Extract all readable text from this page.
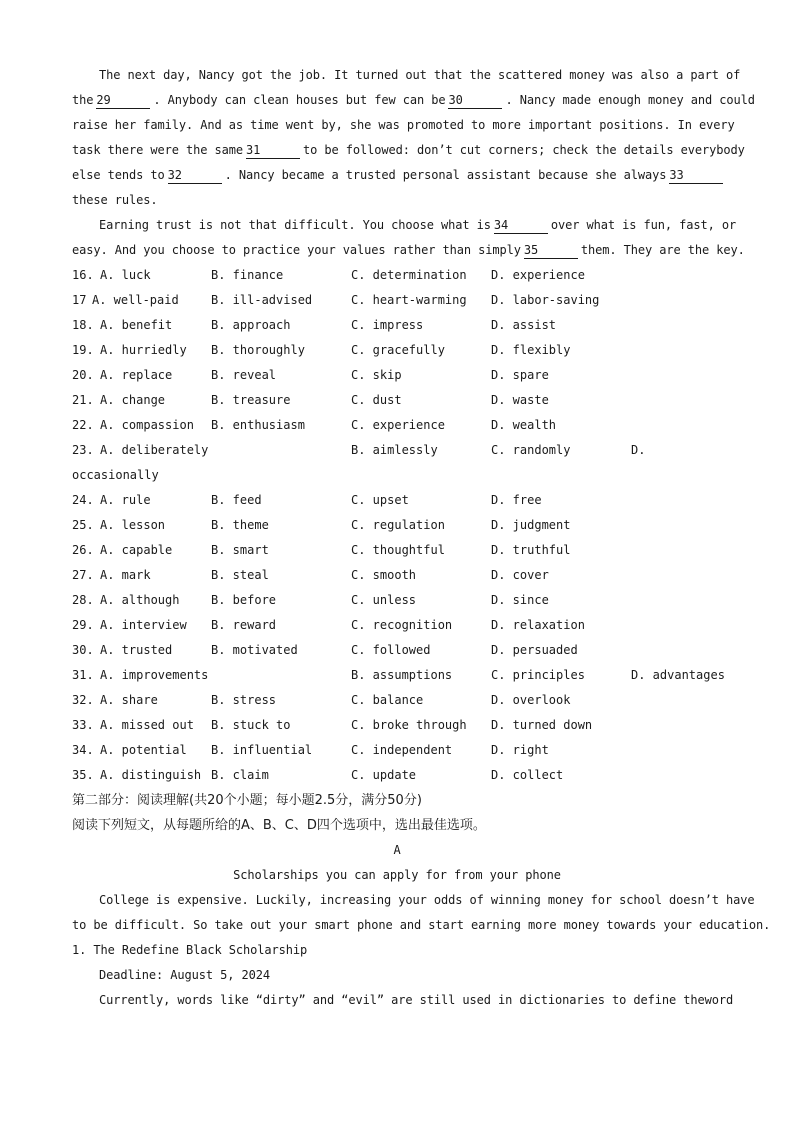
The next day, Nancy got the job. It turned out that the scattered money was also a part of
the 29	. Anybody can clean houses but few can be 30	. Nancy made enough money and could
raise her family. And as time went by, she was promoted to more important positions. In every
task there were the same 31	to be followed: don’t cut corners; check the details everybody
else tends to 32	. Nancy became a trusted personal assistant because she always 33
these rules.
Earning trust is not that difficult. You choose what is 34	over what is fun, fast, or
easy. And you choose to practice your values rather than simply 35	them. They are the key.
16. A. luck	B. finance	C. determination D. experience
17 A. well-paid	B. ill-advised	C. heart-warming D. labor-saving
18. A. benefit	B. approach	C. impress	D. assist
19. A. hurriedly B. thoroughly	C. gracefully	D. flexibly
20. A. replace	B. reveal	C. skip	D. spare
21. A. change	B. treasure	C. dust	D. waste
22. A. compassion B. enthusiasm	C. experience	D. wealth
23. A. deliberately	B. aimlessly	C. randomly	D.
occasionally
24. A. rule	B. feed	C. upset	D. free
25. A. lesson	B. theme	C. regulation	D. judgment
26. A. capable	B. smart	C. thoughtful	D. truthful
27. A. mark	B. steal	C. smooth	D. cover
28. A. although	B. before	C. unless	D. since
29. A. interview B. reward	C. recognition	D. relaxation
30. A. trusted	B. motivated	C. followed	D. persuaded
31. A. improvements	B. assumptions	C. principles	D. advantages
32. A. share	B. stress	C. balance	D. overlook
33. A. missed out B. stuck to	C. broke through D. turned down
34. A. potential B. influential	C. independent	D. right
35. A. distinguish B. claim	C. update	D. collect
第二部分：阅读理解(共20个小题；每小题2.5分，满分50分)
阅读下列短文，从每题所给的A、B、C、D四个选项中，选出最佳选项。
A
Scholarships you can apply for from your phone
College is expensive. Luckily, increasing your odds of winning money for school doesn’t have
to be difficult. So take out your smart phone and start earning more money towards your education.
1. The Redefine Black Scholarship
Deadline: August 5, 2024
Currently, words like “dirty” and “evil” are still used in dictionaries to define theword
